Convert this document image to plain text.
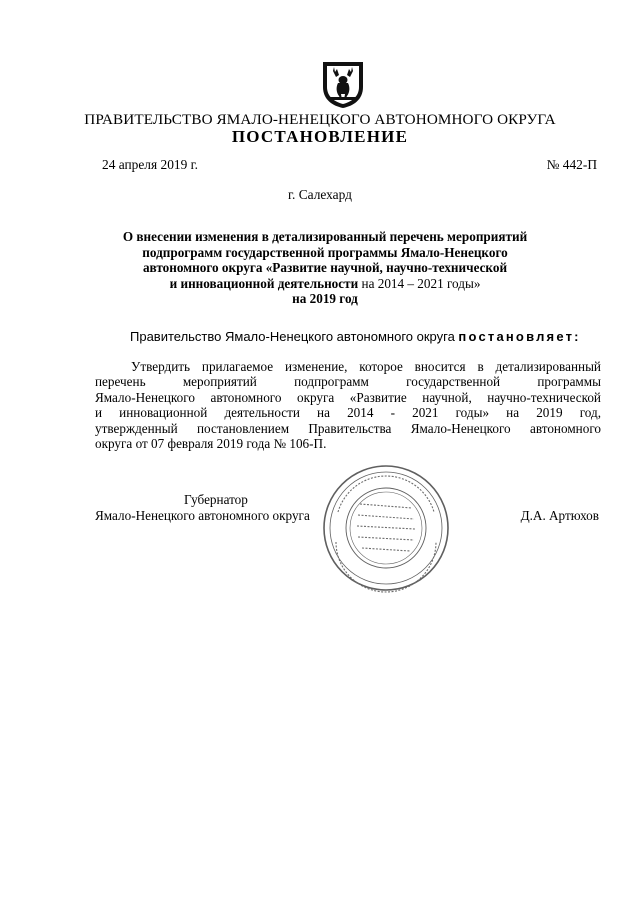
ПРАВИТЕЛЬСТВО ЯМАЛО-НЕНЕЦКОГО АВТОНОМНОГО ОКРУГА
ПОСТАНОВЛЕНИЕ
24 апреля 2019 г.	№ 442-П
г. Салехард
О внесении изменения в детализированный перечень мероприятий
подпрограмм государственной программы Ямало-Ненецкого
автономного округа «Развитие научной, научно-технической
и инновационной деятельности на 2014 – 2021 годы»
на 2019 год
Правительство Ямало-Ненецкого автономного округа постановляет:
Утвердить прилагаемое изменение, которое вносится в детализированный
перечень мероприятий подпрограмм государственной программы
Ямало-Ненецкого автономного округа «Развитие научной, научно-технической
и инновационной деятельности на 2014 - 2021 годы» на 2019 год,
утвержденный постановлением Правительства Ямало-Ненецкого автономного
округа от 07 февраля 2019 года № 106-П.
Губернатор
Ямало-Ненецкого автономного округа	Д.А. Артюхов
